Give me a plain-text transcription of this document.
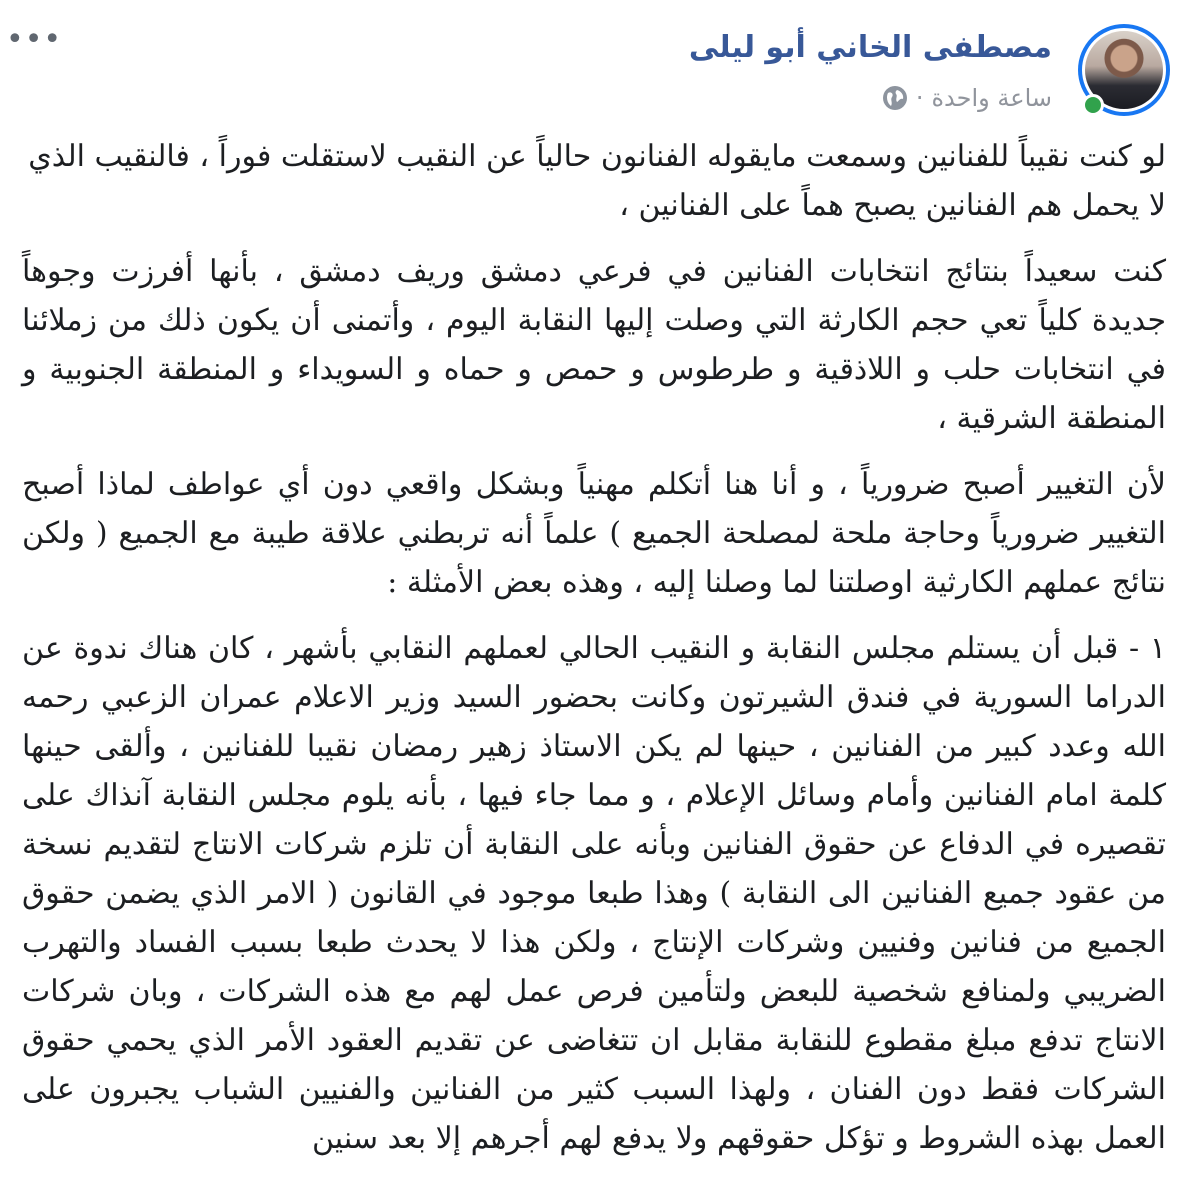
•••	مصطفى الخاني أبو ليلى
ساعة واحدة
·

لو كنت نقيباً للفنانين وسمعت مايقوله الفنانون حالياً عن النقيب لاستقلت فوراً ، فالنقيب الذي لا يحمل هم الفنانين يصبح هماً على الفنانين ،

كنت سعيداً بنتائج انتخابات الفنانين في فرعي دمشق وريف دمشق ، بأنها أفرزت وجوهاً جديدة كلياً تعي حجم الكارثة التي وصلت إليها النقابة اليوم ، وأتمنى أن يكون ذلك من زملائنا في انتخابات حلب و اللاذقية و طرطوس و حمص و حماه و السويداء و المنطقة الجنوبية و المنطقة الشرقية ،

لأن التغيير أصبح ضرورياً ، و أنا هنا أتكلم مهنياً وبشكل واقعي دون أي عواطف لماذا أصبح التغيير ضرورياً وحاجة ملحة لمصلحة الجميع ) علماً أنه تربطني علاقة طيبة مع الجميع ( ولكن نتائج عملهم الكارثية اوصلتنا لما وصلنا إليه ، وهذه بعض الأمثلة :

١ - قبل أن يستلم مجلس النقابة و النقيب الحالي لعملهم النقابي بأشهر ، كان هناك ندوة عن الدراما السورية في فندق الشيرتون وكانت بحضور السيد وزير الاعلام عمران الزعبي رحمه الله وعدد كبير من الفنانين ، حينها لم يكن الاستاذ زهير رمضان نقيبا للفنانين ، وألقى حينها كلمة امام الفنانين وأمام وسائل الإعلام ، و مما جاء فيها ، بأنه يلوم مجلس النقابة آنذاك على تقصيره في الدفاع عن حقوق الفنانين وبأنه على النقابة أن تلزم شركات الانتاج لتقديم نسخة من عقود جميع الفنانين الى النقابة ) وهذا طبعا موجود في القانون ( الامر الذي يضمن حقوق الجميع من فنانين وفنيين وشركات الإنتاج ، ولكن هذا لا يحدث طبعا بسبب الفساد والتهرب الضريبي ولمنافع شخصية للبعض ولتأمين فرص عمل لهم مع هذه الشركات ، وبان شركات الانتاج تدفع مبلغ مقطوع للنقابة مقابل ان تتغاضى عن تقديم العقود الأمر الذي يحمي حقوق الشركات فقط دون الفنان ، ولهذا السبب كثير من الفنانين والفنيين الشباب يجبرون على العمل بهذه الشروط و تؤكل حقوقهم ولا يدفع لهم أجرهم إلا بعد سنين
